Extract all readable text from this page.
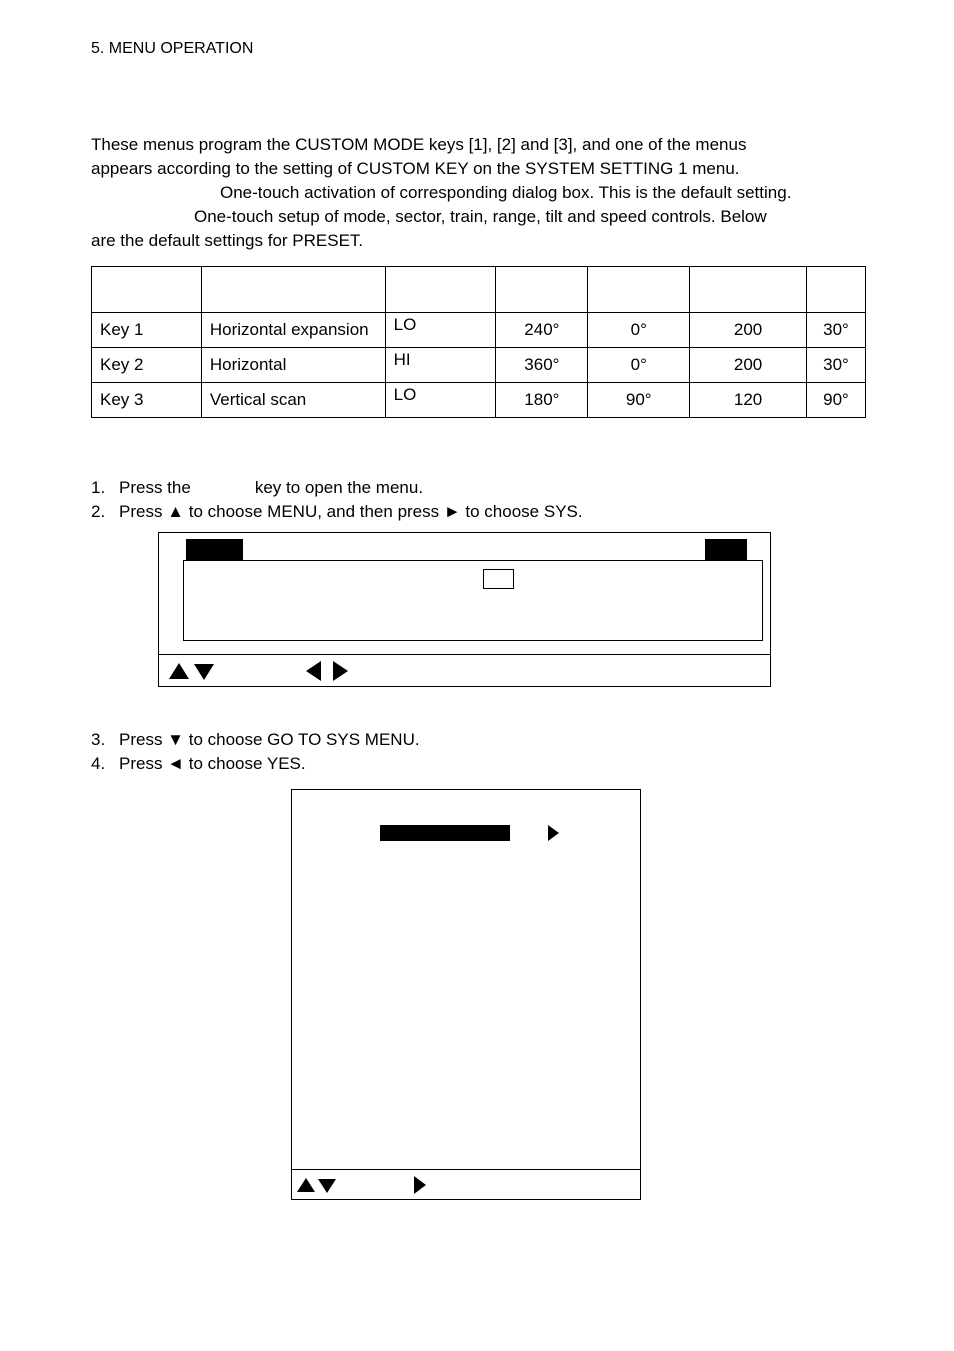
5. MENU OPERATION
These menus program the CUSTOM MODE keys [1], [2] and [3], and one of the menus
appears according to the setting of CUSTOM KEY on the SYSTEM SETTING 1 menu.
One-touch activation of corresponding dialog box. This is the default setting.
One-touch setup of mode, sector, train, range, tilt and speed controls. Below
are the default settings for PRESET.

Key 1	Horizontal expansion	LO	240°	0°	200	30°
Key 2	Horizontal	HI	360°	0°	200	30°
Key 3	Vertical scan	LO	180°	90°	120	90°
1. Press the	key to open the menu.
2. Press ▲ to choose MENU, and then press ► to choose SYS.
3. Press ▼ to choose GO TO SYS MENU.
4. Press ◄ to choose YES.
